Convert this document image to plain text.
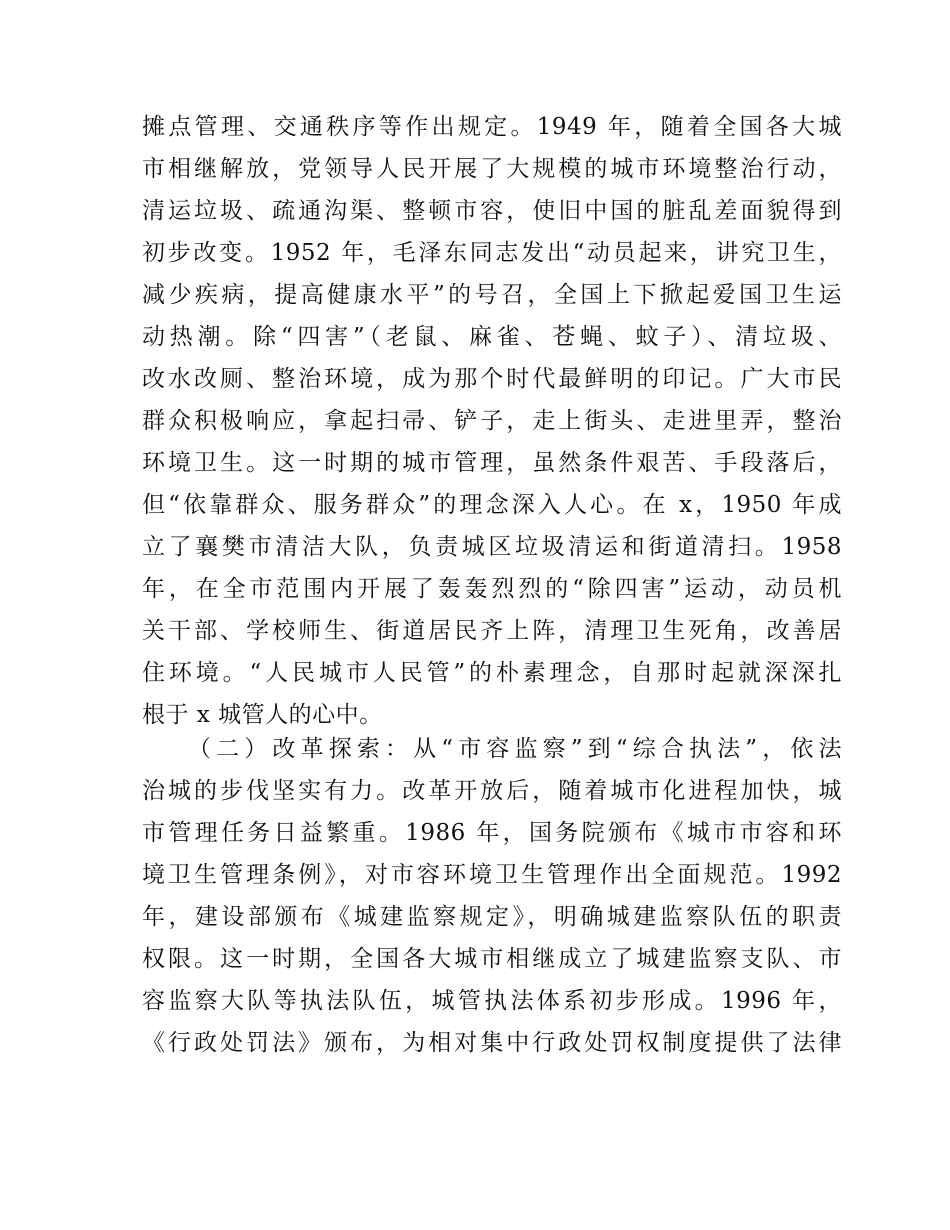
摊点管理、交通秩序等作出规定。1949 年，随着全国各大城
市相继解放，党领导人民开展了大规模的城市环境整治行动，
清运垃圾、疏通沟渠、整顿市容，使旧中国的脏乱差面貌得到
初步改变。1952 年，毛泽东同志发出“动员起来，讲究卫生，
减少疾病，提高健康水平”的号召，全国上下掀起爱国卫生运
动热潮。除“四害”（老鼠、麻雀、苍蝇、蚊子）、清垃圾、
改水改厕、整治环境，成为那个时代最鲜明的印记。广大市民
群众积极响应，拿起扫帚、铲子，走上街头、走进里弄，整治
环境卫生。这一时期的城市管理，虽然条件艰苦、手段落后，
但“依靠群众、服务群众”的理念深入人心。在 x，1950 年成
立了襄樊市清洁大队，负责城区垃圾清运和街道清扫。1958
年，在全市范围内开展了轰轰烈烈的“除四害”运动，动员机
关干部、学校师生、街道居民齐上阵，清理卫生死角，改善居
住环境。“人民城市人民管”的朴素理念，自那时起就深深扎
根于 x 城管人的心中。
（二）改革探索：从“市容监察”到“综合执法”，依法
治城的步伐坚实有力。改革开放后，随着城市化进程加快，城
市管理任务日益繁重。1986 年，国务院颁布《城市市容和环
境卫生管理条例》，对市容环境卫生管理作出全面规范。1992
年，建设部颁布《城建监察规定》，明确城建监察队伍的职责
权限。这一时期，全国各大城市相继成立了城建监察支队、市
容监察大队等执法队伍，城管执法体系初步形成。1996 年，
《行政处罚法》颁布，为相对集中行政处罚权制度提供了法律
